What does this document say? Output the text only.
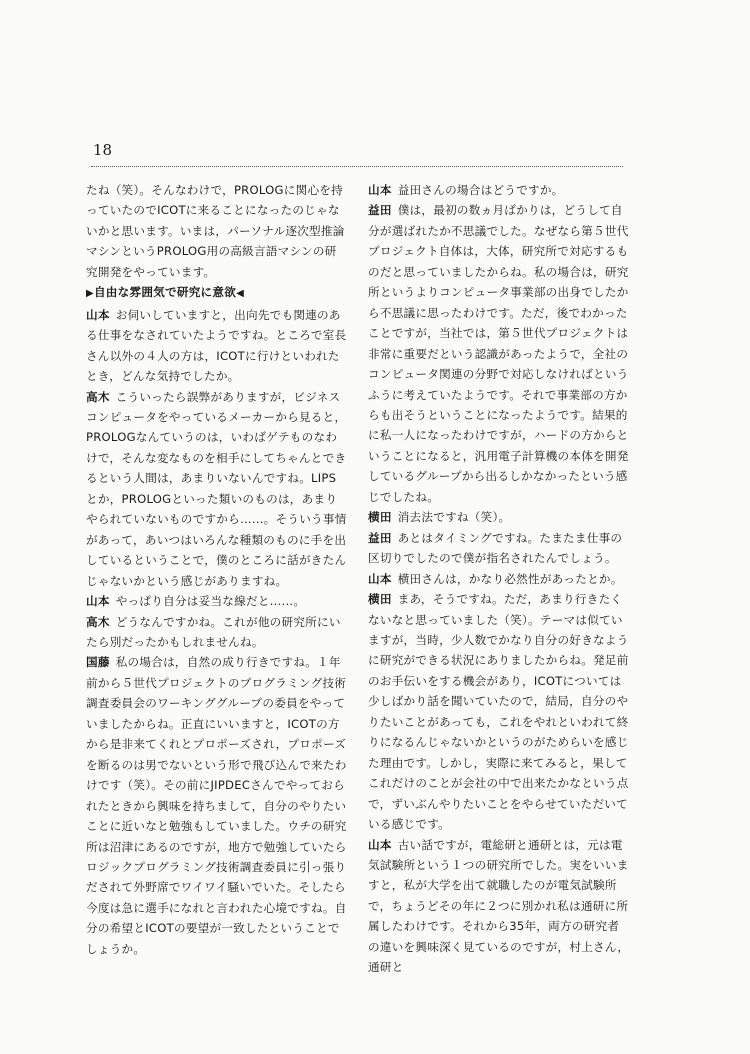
18

たね（笑）。そんなわけで，PROLOGに関心を持っていたのでICOTに来ることになったのじゃないかと思います。いまは，パーソナル逐次型推論マシンというPROLOG用の高級言語マシンの研究開発をやっています。

▶自由な雰囲気で研究に意欲◀

山本 お伺いしていますと，出向先でも関連のある仕事をなされていたようですね。ところで室長さん以外の４人の方は，ICOTに行けといわれたとき，どんな気持でしたか。

高木 こういったら誤弊がありますが，ビジネスコンピュータをやっているメーカーから見ると，PROLOGなんていうのは，いわばゲテものなわけで，そんな変なものを相手にしてちゃんとできるという人間は，あまりいないんですね。LIPSとか，PROLOGといった類いのものは，あまりやられていないものですから……。そういう事情があって，あいつはいろんな種類のものに手を出しているということで，僕のところに話がきたんじゃないかという感じがありますね。

山本 やっぱり自分は妥当な線だと……。

高木 どうなんですかね。これが他の研究所にいたら別だったかもしれませんね。

国藤 私の場合は，自然の成り行きですね。１年前から５世代プロジェクトのプログラミング技術調査委員会のワーキンググループの委員をやっていましたからね。正直にいいますと，ICOTの方から是非来てくれとプロポーズされ，プロポーズを断るのは男でないという形で飛び込んで来たわけです（笑）。その前にJIPDECさんでやっておられたときから興味を持ちまして，自分のやりたいことに近いなと勉強もしていました。ウチの研究所は沼津にあるのですが，地方で勉強していたらロジックプログラミング技術調査委員に引っ張りだされて外野席でワイワイ騒いでいた。そしたら今度は急に選手になれと言われた心境ですね。自分の希望とICOTの要望が一致したということでしょうか。

山本 益田さんの場合はどうですか。

益田 僕は，最初の数ヵ月ばかりは，どうして自分が選ばれたか不思議でした。なぜなら第５世代プロジェクト自体は，大体，研究所で対応するものだと思っていましたからね。私の場合は，研究所というよりコンピュータ事業部の出身でしたから不思議に思ったわけです。ただ，後でわかったことですが，当社では，第５世代プロジェクトは非常に重要だという認識があったようで，全社のコンピュータ関連の分野で対応しなければというふうに考えていたようです。それで事業部の方からも出そうということになったようです。結果的に私一人になったわけですが，ハードの方からということになると，汎用電子計算機の本体を開発しているグループから出るしかなかったという感じでしたね。

横田 消去法ですね（笑）。

益田 あとはタイミングですね。たまたま仕事の区切りでしたので僕が指名されたんでしょう。

山本 横田さんは，かなり必然性があったとか。

横田 まあ，そうですね。ただ，あまり行きたくないなと思っていました（笑）。テーマは似ていますが，当時，少人数でかなり自分の好きなように研究ができる状況にありましたからね。発足前のお手伝いをする機会があり，ICOTについては少しばかり話を聞いていたので，結局，自分のやりたいことがあっても，これをやれといわれて終りになるんじゃないかというのがためらいを感じた理由です。しかし，実際に来てみると，果してこれだけのことが会社の中で出来たかなという点で，ずいぶんやりたいことをやらせていただいている感じです。

山本 古い話ですが，電総研と通研とは，元は電気試験所という１つの研究所でした。実をいいますと，私が大学を出て就職したのが電気試験所で，ちょうどその年に２つに別かれ私は通研に所属したわけです。それから35年，両方の研究者の違いを興味深く見ているのですが，村上さん，通研と
